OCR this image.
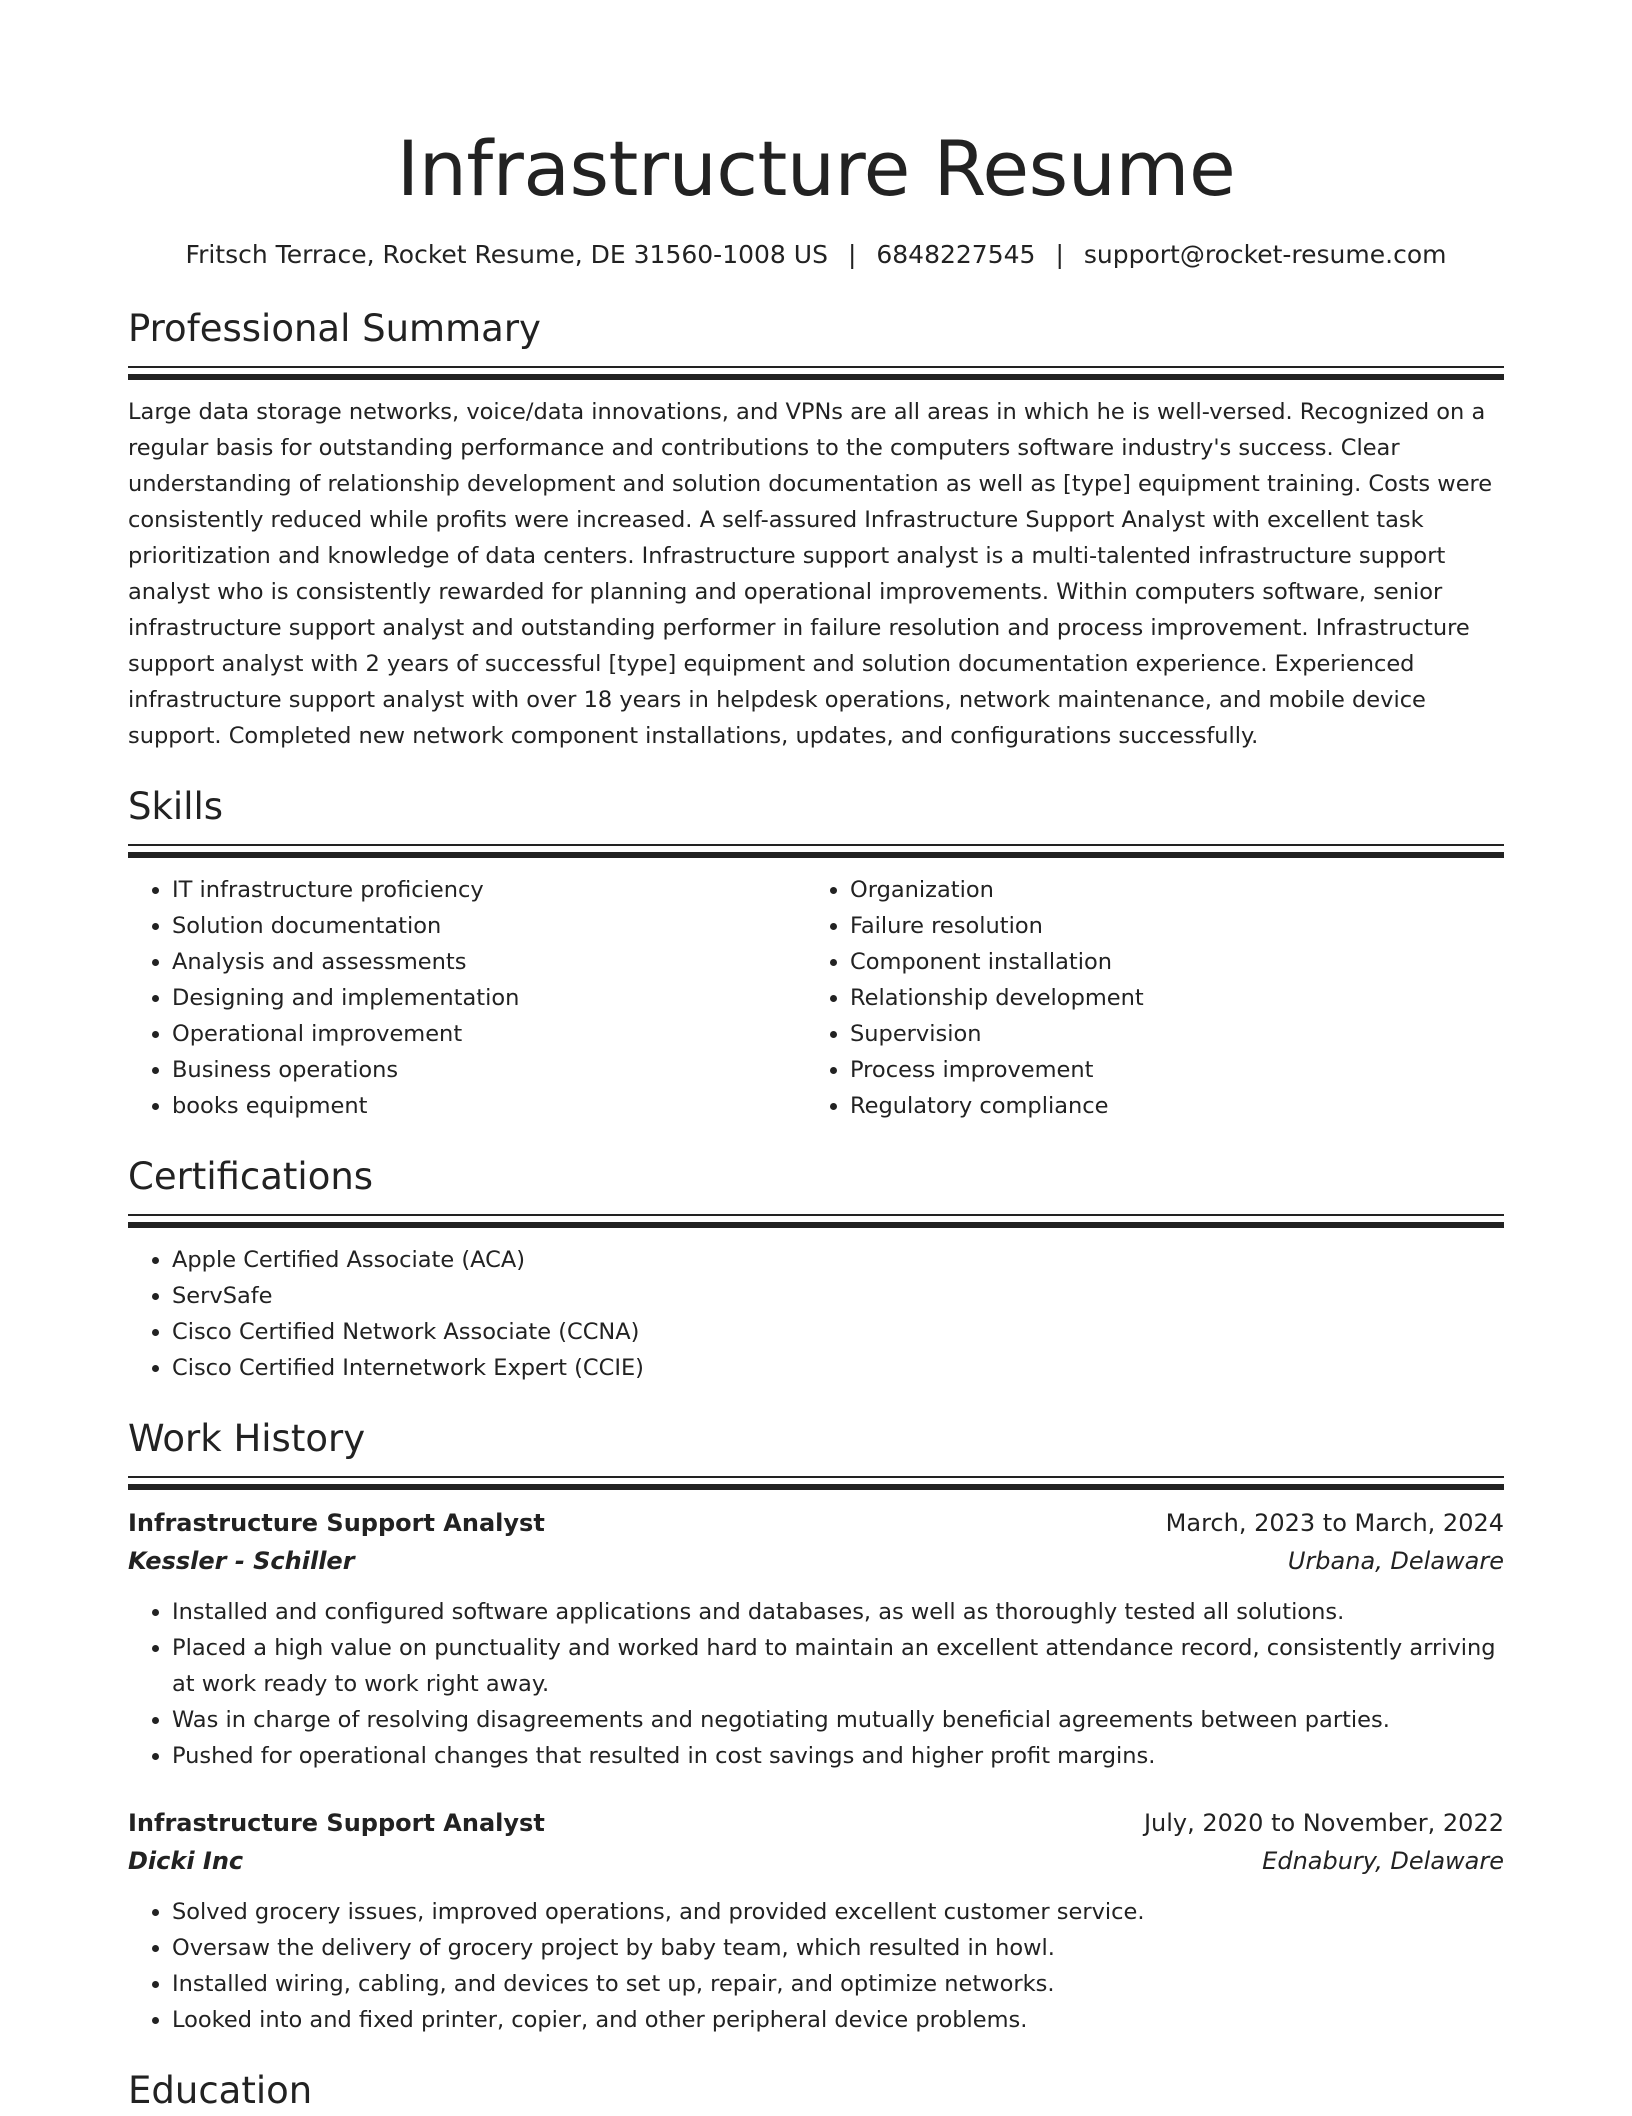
Infrastructure Resume
Fritsch Terrace, Rocket Resume, DE 31560-1008 US | 6848227545 | support@rocket-resume.com
Professional Summary

Large data storage networks, voice/data innovations, and VPNs are all areas in which he is well-versed. Recognized on a regular basis for outstanding performance and contributions to the computers software industry's success. Clear understanding of relationship development and solution documentation as well as [type] equipment training. Costs were consistently reduced while profits were increased. A self-assured Infrastructure Support Analyst with excellent task prioritization and knowledge of data centers. Infrastructure support analyst is a multi-talented infrastructure support analyst who is consistently rewarded for planning and operational improvements. Within computers software, senior infrastructure support analyst and outstanding performer in failure resolution and process improvement. Infrastructure support analyst with 2 years of successful [type] equipment and solution documentation experience. Experienced infrastructure support analyst with over 18 years in helpdesk operations, network maintenance, and mobile device support. Completed new network component installations, updates, and configurations successfully.

Skills
• IT infrastructure proficiency
• Solution documentation
• Analysis and assessments
• Designing and implementation
• Operational improvement
• Business operations
• books equipment
• Organization
• Failure resolution
• Component installation
• Relationship development
• Supervision
• Process improvement
• Regulatory compliance
Certifications
• Apple Certified Associate (ACA)
• ServSafe
• Cisco Certified Network Associate (CCNA)
• Cisco Certified Internetwork Expert (CCIE)
Work History
Infrastructure Support Analyst	March, 2023 to March, 2024
Kessler - Schiller	Urbana, Delaware
• Installed and configured software applications and databases, as well as thoroughly tested all solutions.
• Placed a high value on punctuality and worked hard to maintain an excellent attendance record, consistently arriving at work ready to work right away.
• Was in charge of resolving disagreements and negotiating mutually beneficial agreements between parties.
• Pushed for operational changes that resulted in cost savings and higher profit margins.
Infrastructure Support Analyst	July, 2020 to November, 2022
Dicki Inc	Ednabury, Delaware
• Solved grocery issues, improved operations, and provided excellent customer service.
• Oversaw the delivery of grocery project by baby team, which resulted in howl.
• Installed wiring, cabling, and devices to set up, repair, and optimize networks.
• Looked into and fixed printer, copier, and other peripheral device problems.
Education
